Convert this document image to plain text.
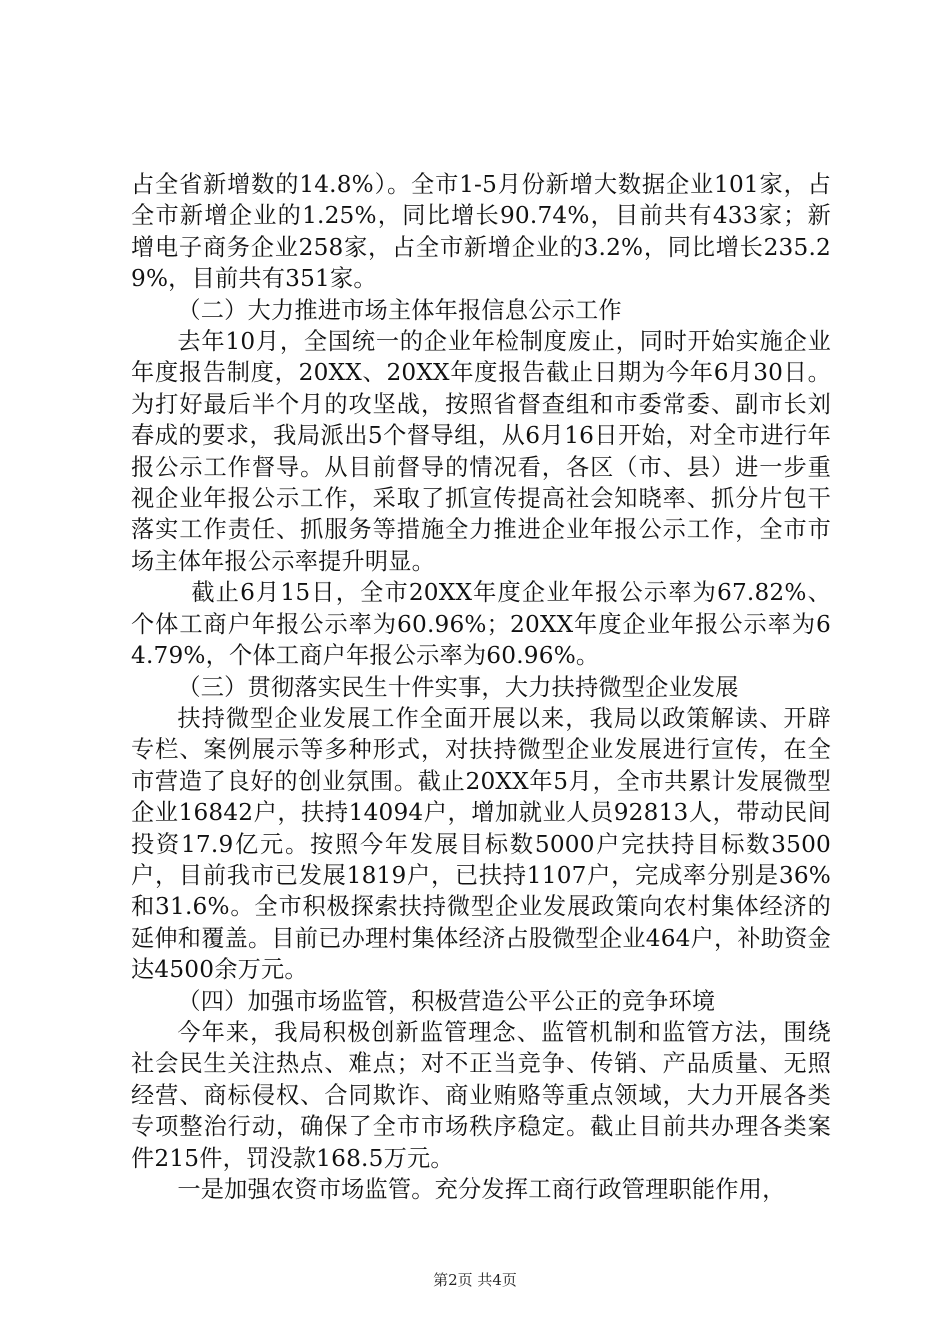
占全省新增数的14.8%）。全市1-5月份新增大数据企业101家，占全市新增企业的1.25%，同比增长90.74%，目前共有433家；新增电子商务企业258家，占全市新增企业的3.2%，同比增长235.29%，目前共有351家。

（二）大力推进市场主体年报信息公示工作

去年10月，全国统一的企业年检制度废止，同时开始实施企业年度报告制度，20XX、20XX年度报告截止日期为今年6月30日。为打好最后半个月的攻坚战，按照省督查组和市委常委、副市长刘春成的要求，我局派出5个督导组，从6月16日开始，对全市进行年报公示工作督导。从目前督导的情况看，各区（市、县）进一步重视企业年报公示工作，采取了抓宣传提高社会知晓率、抓分片包干落实工作责任、抓服务等措施全力推进企业年报公示工作，全市市场主体年报公示率提升明显。

截止6月15日，全市20XX年度企业年报公示率为67.82%、个体工商户年报公示率为60.96%；20XX年度企业年报公示率为64.79%，个体工商户年报公示率为60.96%。

（三）贯彻落实民生十件实事，大力扶持微型企业发展

扶持微型企业发展工作全面开展以来，我局以政策解读、开辟专栏、案例展示等多种形式，对扶持微型企业发展进行宣传，在全市营造了良好的创业氛围。截止20XX年5月，全市共累计发展微型企业16842户，扶持14094户，增加就业人员92813人，带动民间投资17.9亿元。按照今年发展目标数5000户完扶持目标数3500户，目前我市已发展1819户，已扶持1107户，完成率分别是36%和31.6%。全市积极探索扶持微型企业发展政策向农村集体经济的延伸和覆盖。目前已办理村集体经济占股微型企业464户，补助资金达4500余万元。

（四）加强市场监管，积极营造公平公正的竞争环境

今年来，我局积极创新监管理念、监管机制和监管方法，围绕社会民生关注热点、难点；对不正当竞争、传销、产品质量、无照经营、商标侵权、合同欺诈、商业贿赂等重点领域，大力开展各类专项整治行动，确保了全市市场秩序稳定。截止目前共办理各类案件215件，罚没款168.5万元。

一是加强农资市场监管。充分发挥工商行政管理职能作用，

第2页 共4页
